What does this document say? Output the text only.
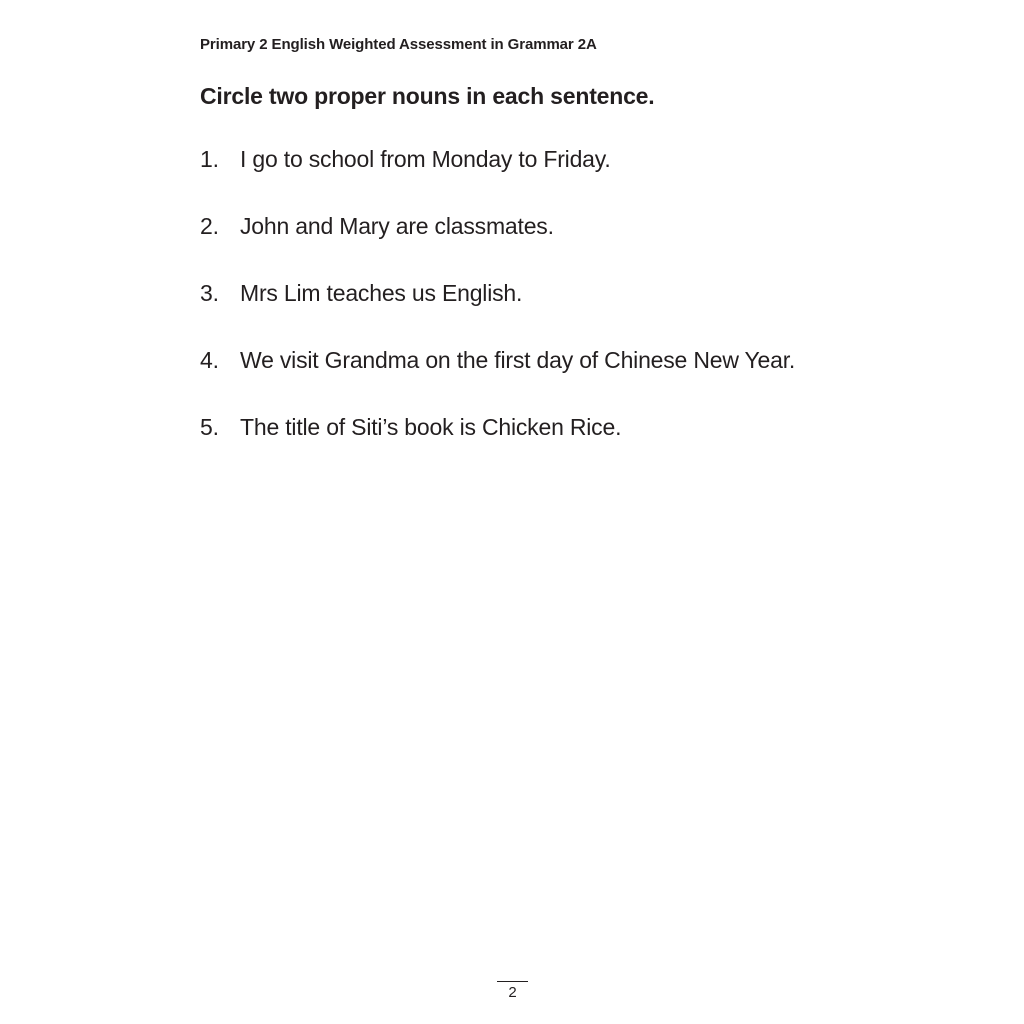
Primary 2 English Weighted Assessment in Grammar 2A
Circle two proper nouns in each sentence.
1. I go to school from Monday to Friday.
2. John and Mary are classmates.
3. Mrs Lim teaches us English.
4. We visit Grandma on the first day of Chinese New Year.
5. The title of Siti’s book is Chicken Rice.
2
